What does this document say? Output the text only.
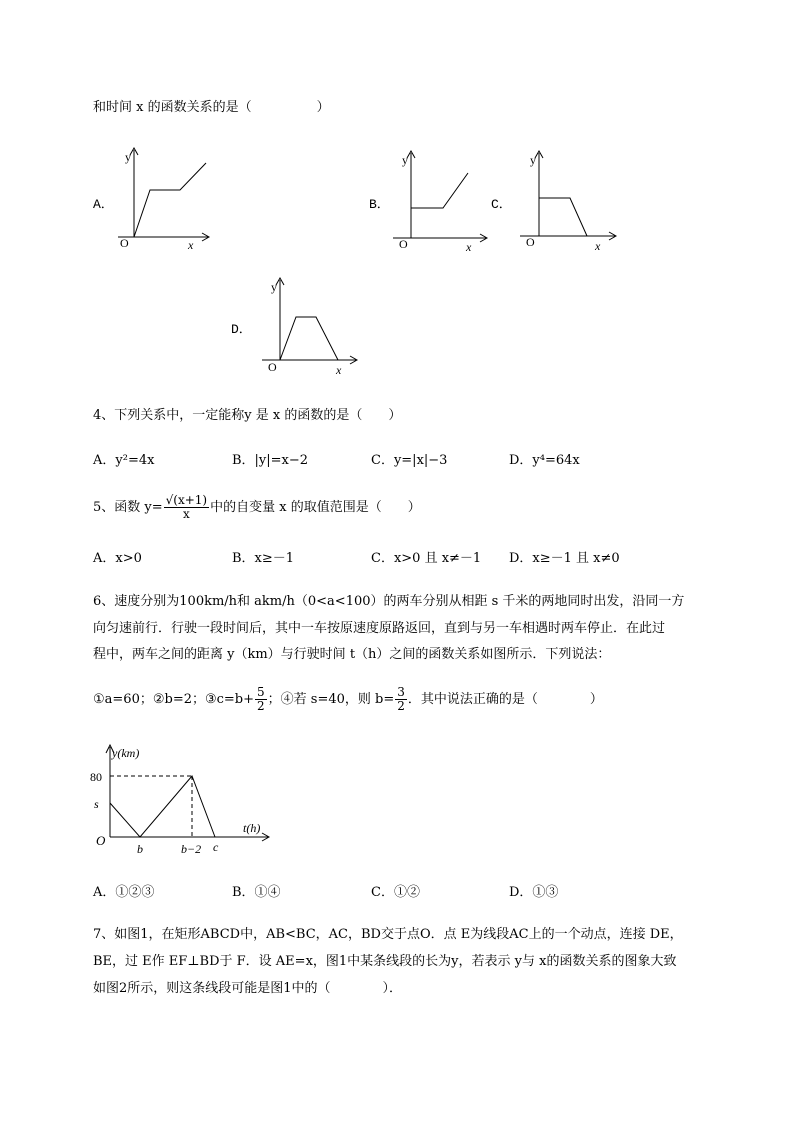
和时间 x 的函数关系的是（　　　　　）
A．
y
O	x
B．
y
O	x
C．
y
O	x
D．
y
O	x
4、下列关系中，一定能称y 是 x 的函数的是（　　）
A．y²=4x	B．|y|=x−2	C．y=|x|−3	D．y⁴=64x
5、函数 $y= \frac{√(x+1)}{x}$ 中的自变量 x 的取值范围是（　　）
A．x>0	B．x≥－1	C．x>0 且 x≠－1 D．x≥－1 且 x≠0
6、速度分别为100km/h和 akm/h（0<a<100）的两车分别从相距 s 千米的两地同时出发，沿同一方
向匀速前行．行驶一段时间后，其中一车按原速度原路返回，直到与另一车相遇时两车停止．在此过
程中，两车之间的距离 y（km）与行驶时间 t（h）之间的函数关系如图所示．下列说法：
①a=60；②b=2；③c=b+ $\frac{5}{2}$ ；④若 s=40，则 $b= \frac{3}{2}$ ．其中说法正确的是（　　　　）
y(km)
t(h)
80
s
O
b	b−2 c
A．①②③	B．①④	C．①②	D．①③
7、如图1，在矩形ABCD中，AB<BC，AC，BD交于点O．点 E为线段AC上的一个动点，连接 DE，
BE，过 E作 EF⊥BD于 F．设 AE=x，图1中某条线段的长为y，若表示 y与 x的函数关系的图象大致
如图2所示，则这条线段可能是图1中的（　　　　）．
